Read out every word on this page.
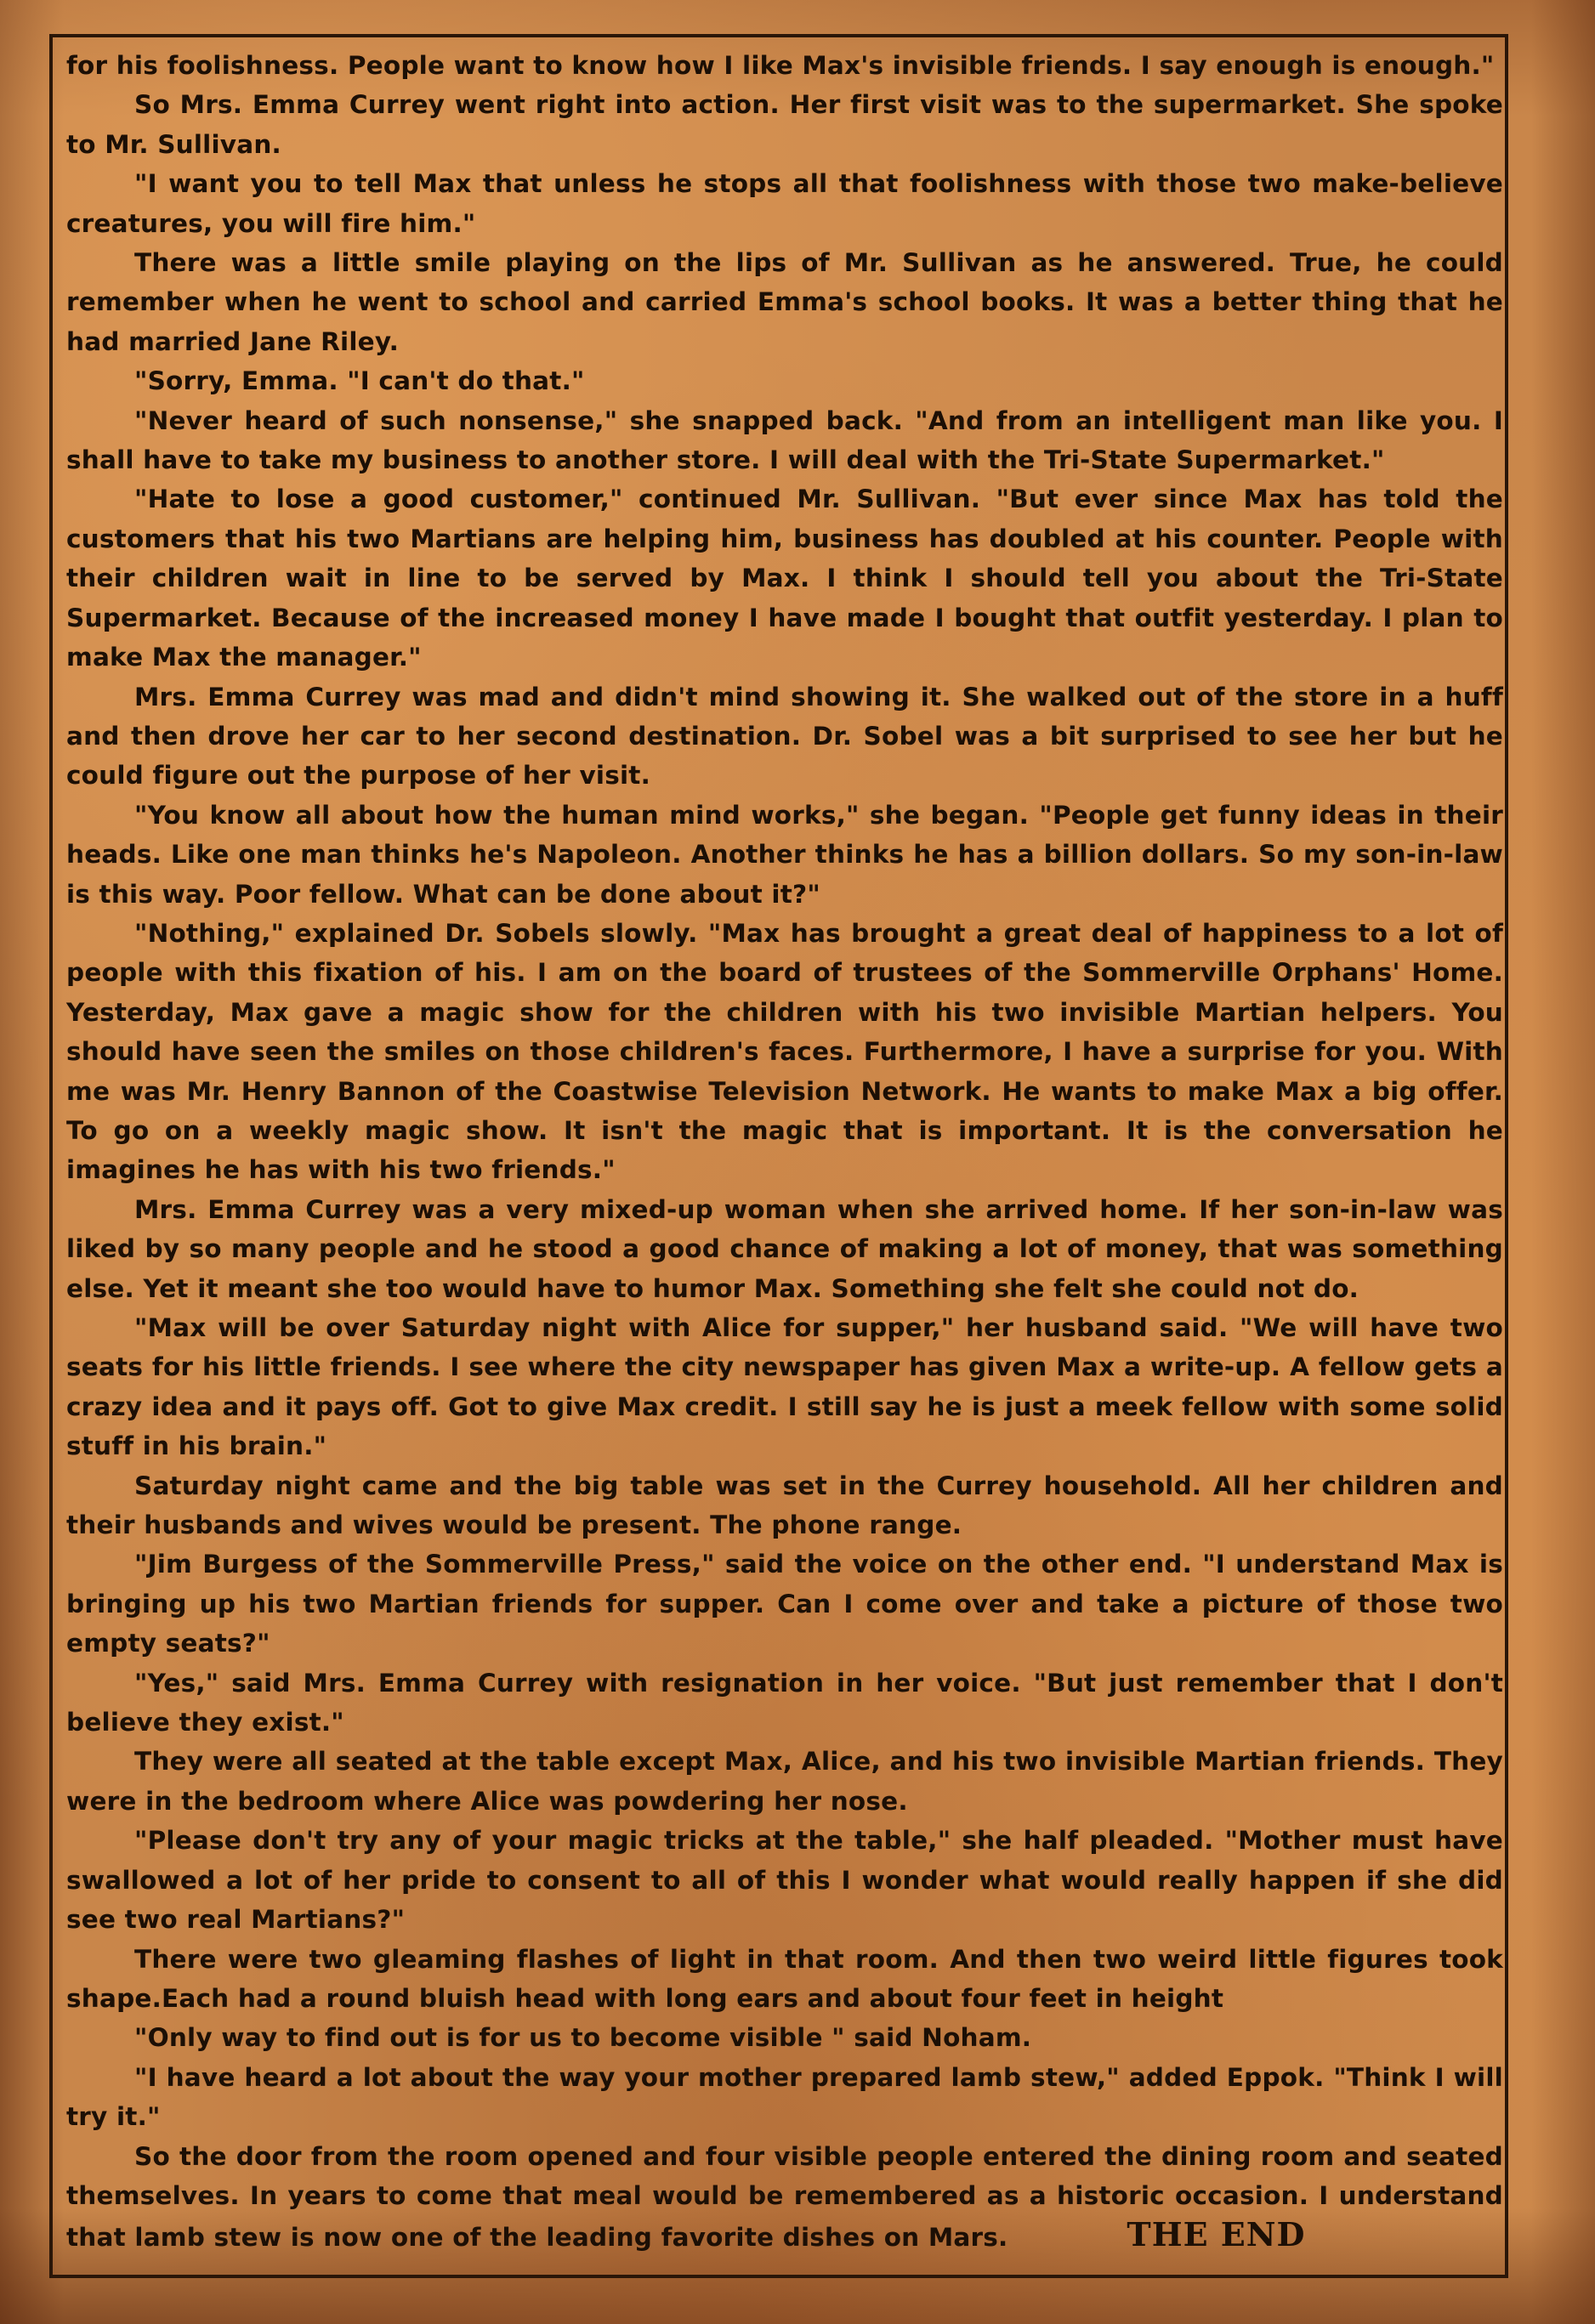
for his foolishness. People want to know how I like Max's invisible friends. I say enough is enough."

So Mrs. Emma Currey went right into action. Her first visit was to the supermarket. She spoke to Mr. Sullivan.

"I want you to tell Max that unless he stops all that foolishness with those two make-believe creatures, you will fire him."

There was a little smile playing on the lips of Mr. Sullivan as he answered. True, he could remember when he went to school and carried Emma's school books. It was a better thing that he had married Jane Riley.

"Sorry, Emma. "I can't do that."

"Never heard of such nonsense," she snapped back. "And from an intelligent man like you. I shall have to take my business to another store. I will deal with the Tri-State Supermarket."

"Hate to lose a good customer," continued Mr. Sullivan. "But ever since Max has told the customers that his two Martians are helping him, business has doubled at his counter. People with their children wait in line to be served by Max. I think I should tell you about the Tri-State Supermarket. Because of the increased money I have made I bought that outfit yesterday. I plan to make Max the manager."

Mrs. Emma Currey was mad and didn't mind showing it. She walked out of the store in a huff and then drove her car to her second destination. Dr. Sobel was a bit surprised to see her but he could figure out the purpose of her visit.

"You know all about how the human mind works," she began. "People get funny ideas in their heads. Like one man thinks he's Napoleon. Another thinks he has a billion dollars. So my son-in-law is this way. Poor fellow. What can be done about it?"

"Nothing," explained Dr. Sobels slowly. "Max has brought a great deal of happiness to a lot of people with this fixation of his. I am on the board of trustees of the Sommerville Orphans' Home. Yesterday, Max gave a magic show for the children with his two invisible Martian helpers. You should have seen the smiles on those children's faces. Furthermore, I have a surprise for you. With me was Mr. Henry Bannon of the Coastwise Television Network. He wants to make Max a big offer. To go on a weekly magic show. It isn't the magic that is important. It is the conversation he imagines he has with his two friends."

Mrs. Emma Currey was a very mixed-up woman when she arrived home. If her son-in-law was liked by so many people and he stood a good chance of making a lot of money, that was something else. Yet it meant she too would have to humor Max. Something she felt she could not do.

"Max will be over Saturday night with Alice for supper," her husband said. "We will have two seats for his little friends. I see where the city newspaper has given Max a write-up. A fellow gets a crazy idea and it pays off. Got to give Max credit. I still say he is just a meek fellow with some solid stuff in his brain."

Saturday night came and the big table was set in the Currey household. All her children and their husbands and wives would be present. The phone range.

"Jim Burgess of the Sommerville Press," said the voice on the other end. "I understand Max is bringing up his two Martian friends for supper. Can I come over and take a picture of those two empty seats?"

"Yes," said Mrs. Emma Currey with resignation in her voice. "But just remember that I don't believe they exist."

They were all seated at the table except Max, Alice, and his two invisible Martian friends. They were in the bedroom where Alice was powdering her nose.

"Please don't try any of your magic tricks at the table," she half pleaded. "Mother must have swallowed a lot of her pride to consent to all of this I wonder what would really happen if she did see two real Martians?"

There were two gleaming flashes of light in that room. And then two weird little figures took shape.Each had a round bluish head with long ears and about four feet in height

"Only way to find out is for us to become visible " said Noham.

"I have heard a lot about the way your mother prepared lamb stew," added Eppok. "Think I will try it."

So the door from the room opened and four visible people entered the dining room and seated themselves. In years to come that meal would be remembered as a historic occasion. I understand that lamb stew is now one of the leading favorite dishes on Mars.	THE END
